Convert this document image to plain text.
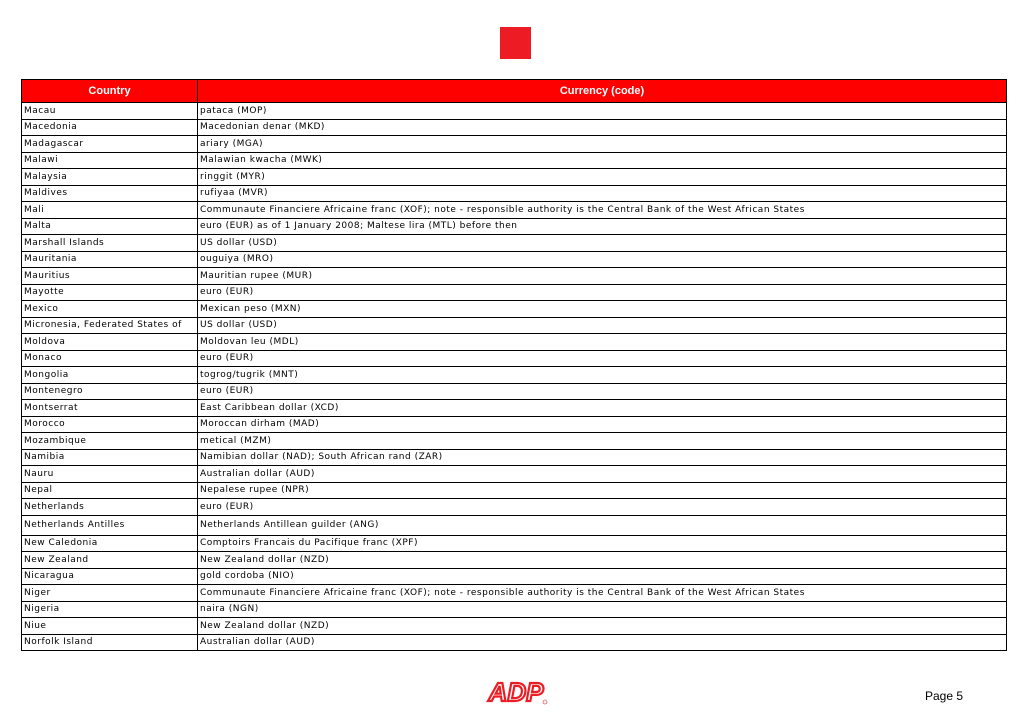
Country	Currency (code)
Macau	pataca (MOP)
Macedonia	Macedonian denar (MKD)
Madagascar	ariary (MGA)
Malawi	Malawian kwacha (MWK)
Malaysia	ringgit (MYR)
Maldives	rufiyaa (MVR)
Mali	Communaute Financiere Africaine franc (XOF); note - responsible authority is the Central Bank of the West African States
Malta	euro (EUR) as of 1 January 2008; Maltese lira (MTL) before then
Marshall Islands	US dollar (USD)
Mauritania	ouguiya (MRO)
Mauritius	Mauritian rupee (MUR)
Mayotte	euro (EUR)
Mexico	Mexican peso (MXN)
Micronesia, Federated States of	US dollar (USD)
Moldova	Moldovan leu (MDL)
Monaco	euro (EUR)
Mongolia	togrog/tugrik (MNT)
Montenegro	euro (EUR)
Montserrat	East Caribbean dollar (XCD)
Morocco	Moroccan dirham (MAD)
Mozambique	metical (MZM)
Namibia	Namibian dollar (NAD); South African rand (ZAR)
Nauru	Australian dollar (AUD)
Nepal	Nepalese rupee (NPR)
Netherlands	euro (EUR)
Netherlands Antilles	Netherlands Antillean guilder (ANG)
New Caledonia	Comptoirs Francais du Pacifique franc (XPF)
New Zealand	New Zealand dollar (NZD)
Nicaragua	gold cordoba (NIO)
Niger	Communaute Financiere Africaine franc (XOF); note - responsible authority is the Central Bank of the West African States
Nigeria	naira (NGN)
Niue	New Zealand dollar (NZD)
Norfolk Island	Australian dollar (AUD)
ADP	Page 5
